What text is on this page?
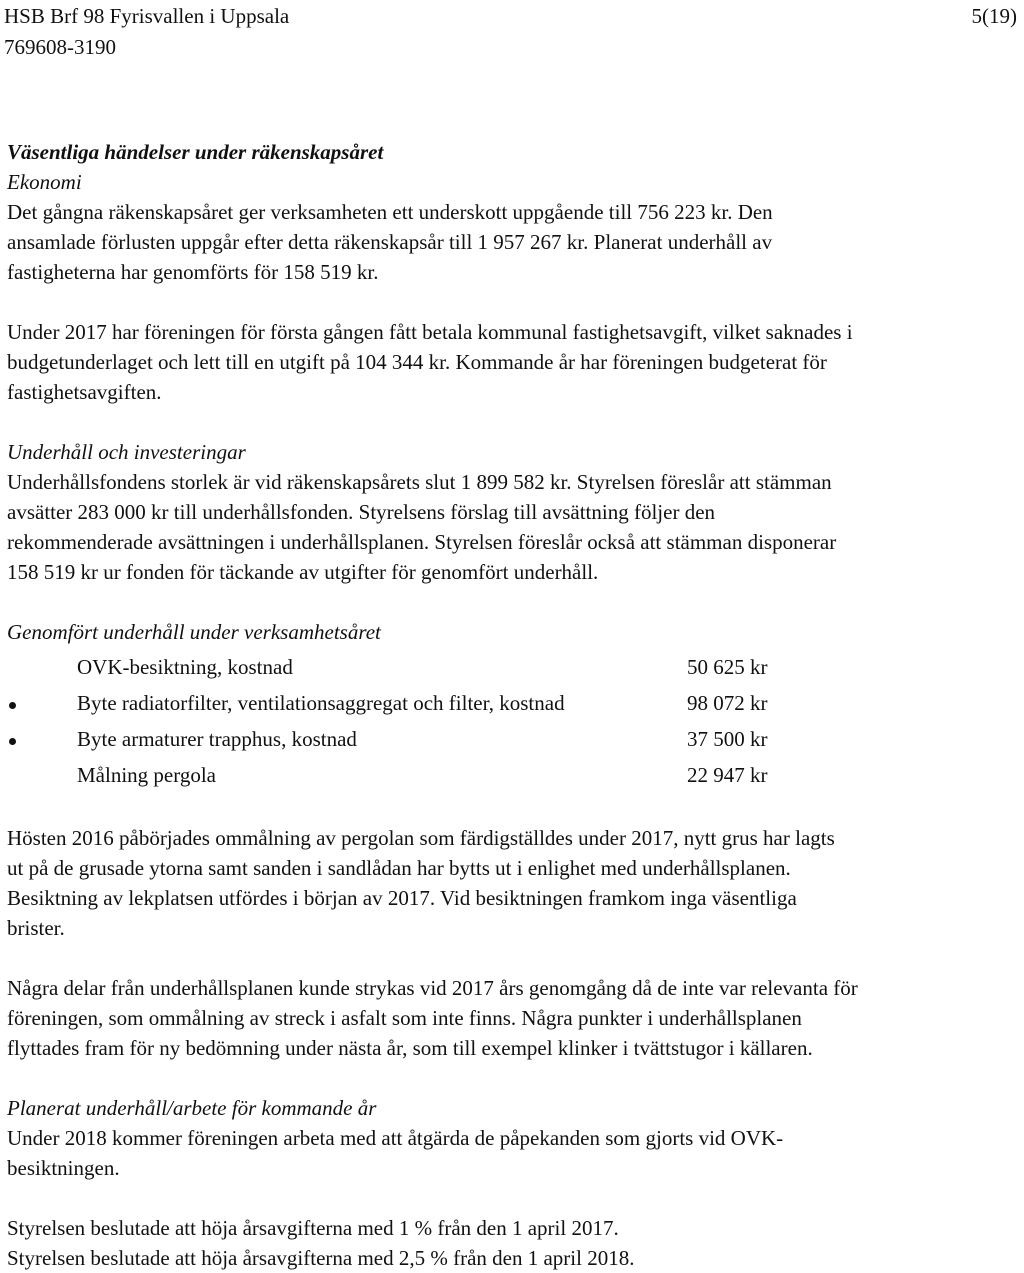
HSB Brf 98 Fyrisvallen i Uppsala
769608-3190
5(19)
Väsentliga händelser under räkenskapsåret
Ekonomi

Det gångna räkenskapsåret ger verksamheten ett underskott uppgående till 756 223 kr. Den
ansamlade förlusten uppgår efter detta räkenskapsår till 1 957 267 kr. Planerat underhåll av
fastigheterna har genomförts för 158 519 kr.

Under 2017 har föreningen för första gången fått betala kommunal fastighetsavgift, vilket saknades i
budgetunderlaget och lett till en utgift på 104 344 kr. Kommande år har föreningen budgeterat för
fastighetsavgiften.

Underhåll och investeringar

Underhållsfondens storlek är vid räkenskapsårets slut 1 899 582 kr. Styrelsen föreslår att stämman
avsätter 283 000 kr till underhållsfonden. Styrelsens förslag till avsättning följer den
rekommenderade avsättningen i underhållsplanen. Styrelsen föreslår också att stämman disponerar
158 519 kr ur fonden för täckande av utgifter för genomfört underhåll.

Genomfört underhåll under verksamhetsåret
	OVK-besiktning, kostnad	50 625 kr
	Byte radiatorfilter, ventilationsaggregat och filter, kostnad	98 072 kr
	Byte armaturer trapphus, kostnad	37 500 kr
	Målning pergola	22 947 kr

Hösten 2016 påbörjades ommålning av pergolan som färdigställdes under 2017, nytt grus har lagts
ut på de grusade ytorna samt sanden i sandlådan har bytts ut i enlighet med underhållsplanen.
Besiktning av lekplatsen utfördes i början av 2017. Vid besiktningen framkom inga väsentliga
brister.

Några delar från underhållsplanen kunde strykas vid 2017 års genomgång då de inte var relevanta för
föreningen, som ommålning av streck i asfalt som inte finns. Några punkter i underhållsplanen
flyttades fram för ny bedömning under nästa år, som till exempel klinker i tvättstugor i källaren.

Planerat underhåll/arbete för kommande år

Under 2018 kommer föreningen arbeta med att åtgärda de påpekanden som gjorts vid OVK-
besiktningen.

Styrelsen beslutade att höja årsavgifterna med 1 % från den 1 april 2017.
Styrelsen beslutade att höja årsavgifterna med 2,5 % från den 1 april 2018.
